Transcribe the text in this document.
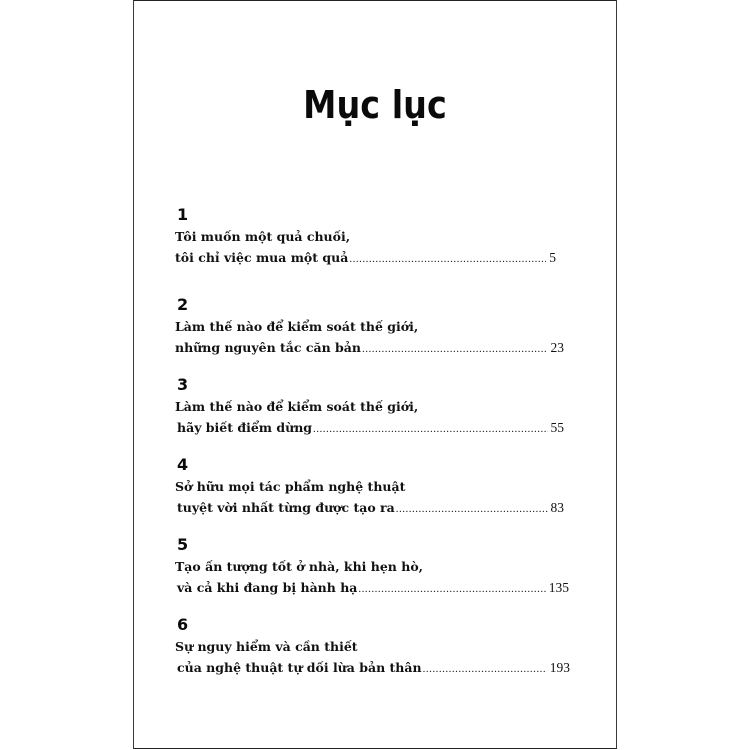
Mục lục
1
Tôi muốn một quả chuối,
tôi chỉ việc mua một quả .....	5
2
Làm thế nào để kiểm soát thế giới,
những nguyên tắc căn bản .....	23
3
Làm thế nào để kiểm soát thế giới,
hãy biết điểm dừng .....	55
4
Sở hữu mọi tác phẩm nghệ thuật
tuyệt vời nhất từng được tạo ra .....	83
5
Tạo ấn tượng tốt ở nhà, khi hẹn hò,
và cả khi đang bị hành hạ .....	135
6
Sự nguy hiểm và cần thiết
của nghệ thuật tự dối lừa bản thân .....	193
